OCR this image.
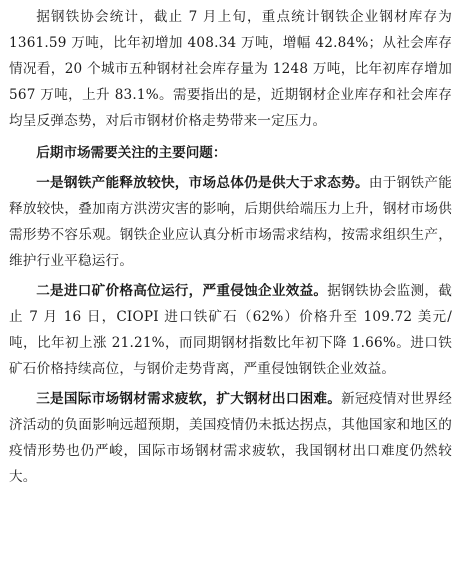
据钢铁协会统计，截止 7 月上旬，重点统计钢铁企业钢材库存为 1361.59 万吨，比年初增加 408.34 万吨，增幅 42.84%；从社会库存情况看，20 个城市五种钢材社会库存量为 1248 万吨，比年初库存增加 567 万吨，上升 83.1%。需要指出的是，近期钢材企业库存和社会库存均呈反弹态势，对后市钢材价格走势带来一定压力。

后期市场需要关注的主要问题：

一是钢铁产能释放较快，市场总体仍是供大于求态势。由于钢铁产能释放较快，叠加南方洪涝灾害的影响，后期供给端压力上升，钢材市场供需形势不容乐观。钢铁企业应认真分析市场需求结构，按需求组织生产，维护行业平稳运行。

二是进口矿价格高位运行，严重侵蚀企业效益。据钢铁协会监测，截止 7 月 16 日，CIOPI 进口铁矿石（62%）价格升至 109.72 美元/吨，比年初上涨 21.21%，而同期钢材指数比年初下降 1.66%。进口铁矿石价格持续高位，与钢价走势背离，严重侵蚀钢铁企业效益。

三是国际市场钢材需求疲软，扩大钢材出口困难。新冠疫情对世界经济活动的负面影响远超预期，美国疫情仍未抵达拐点，其他国家和地区的疫情形势也仍严峻，国际市场钢材需求疲软，我国钢材出口难度仍然较大。
